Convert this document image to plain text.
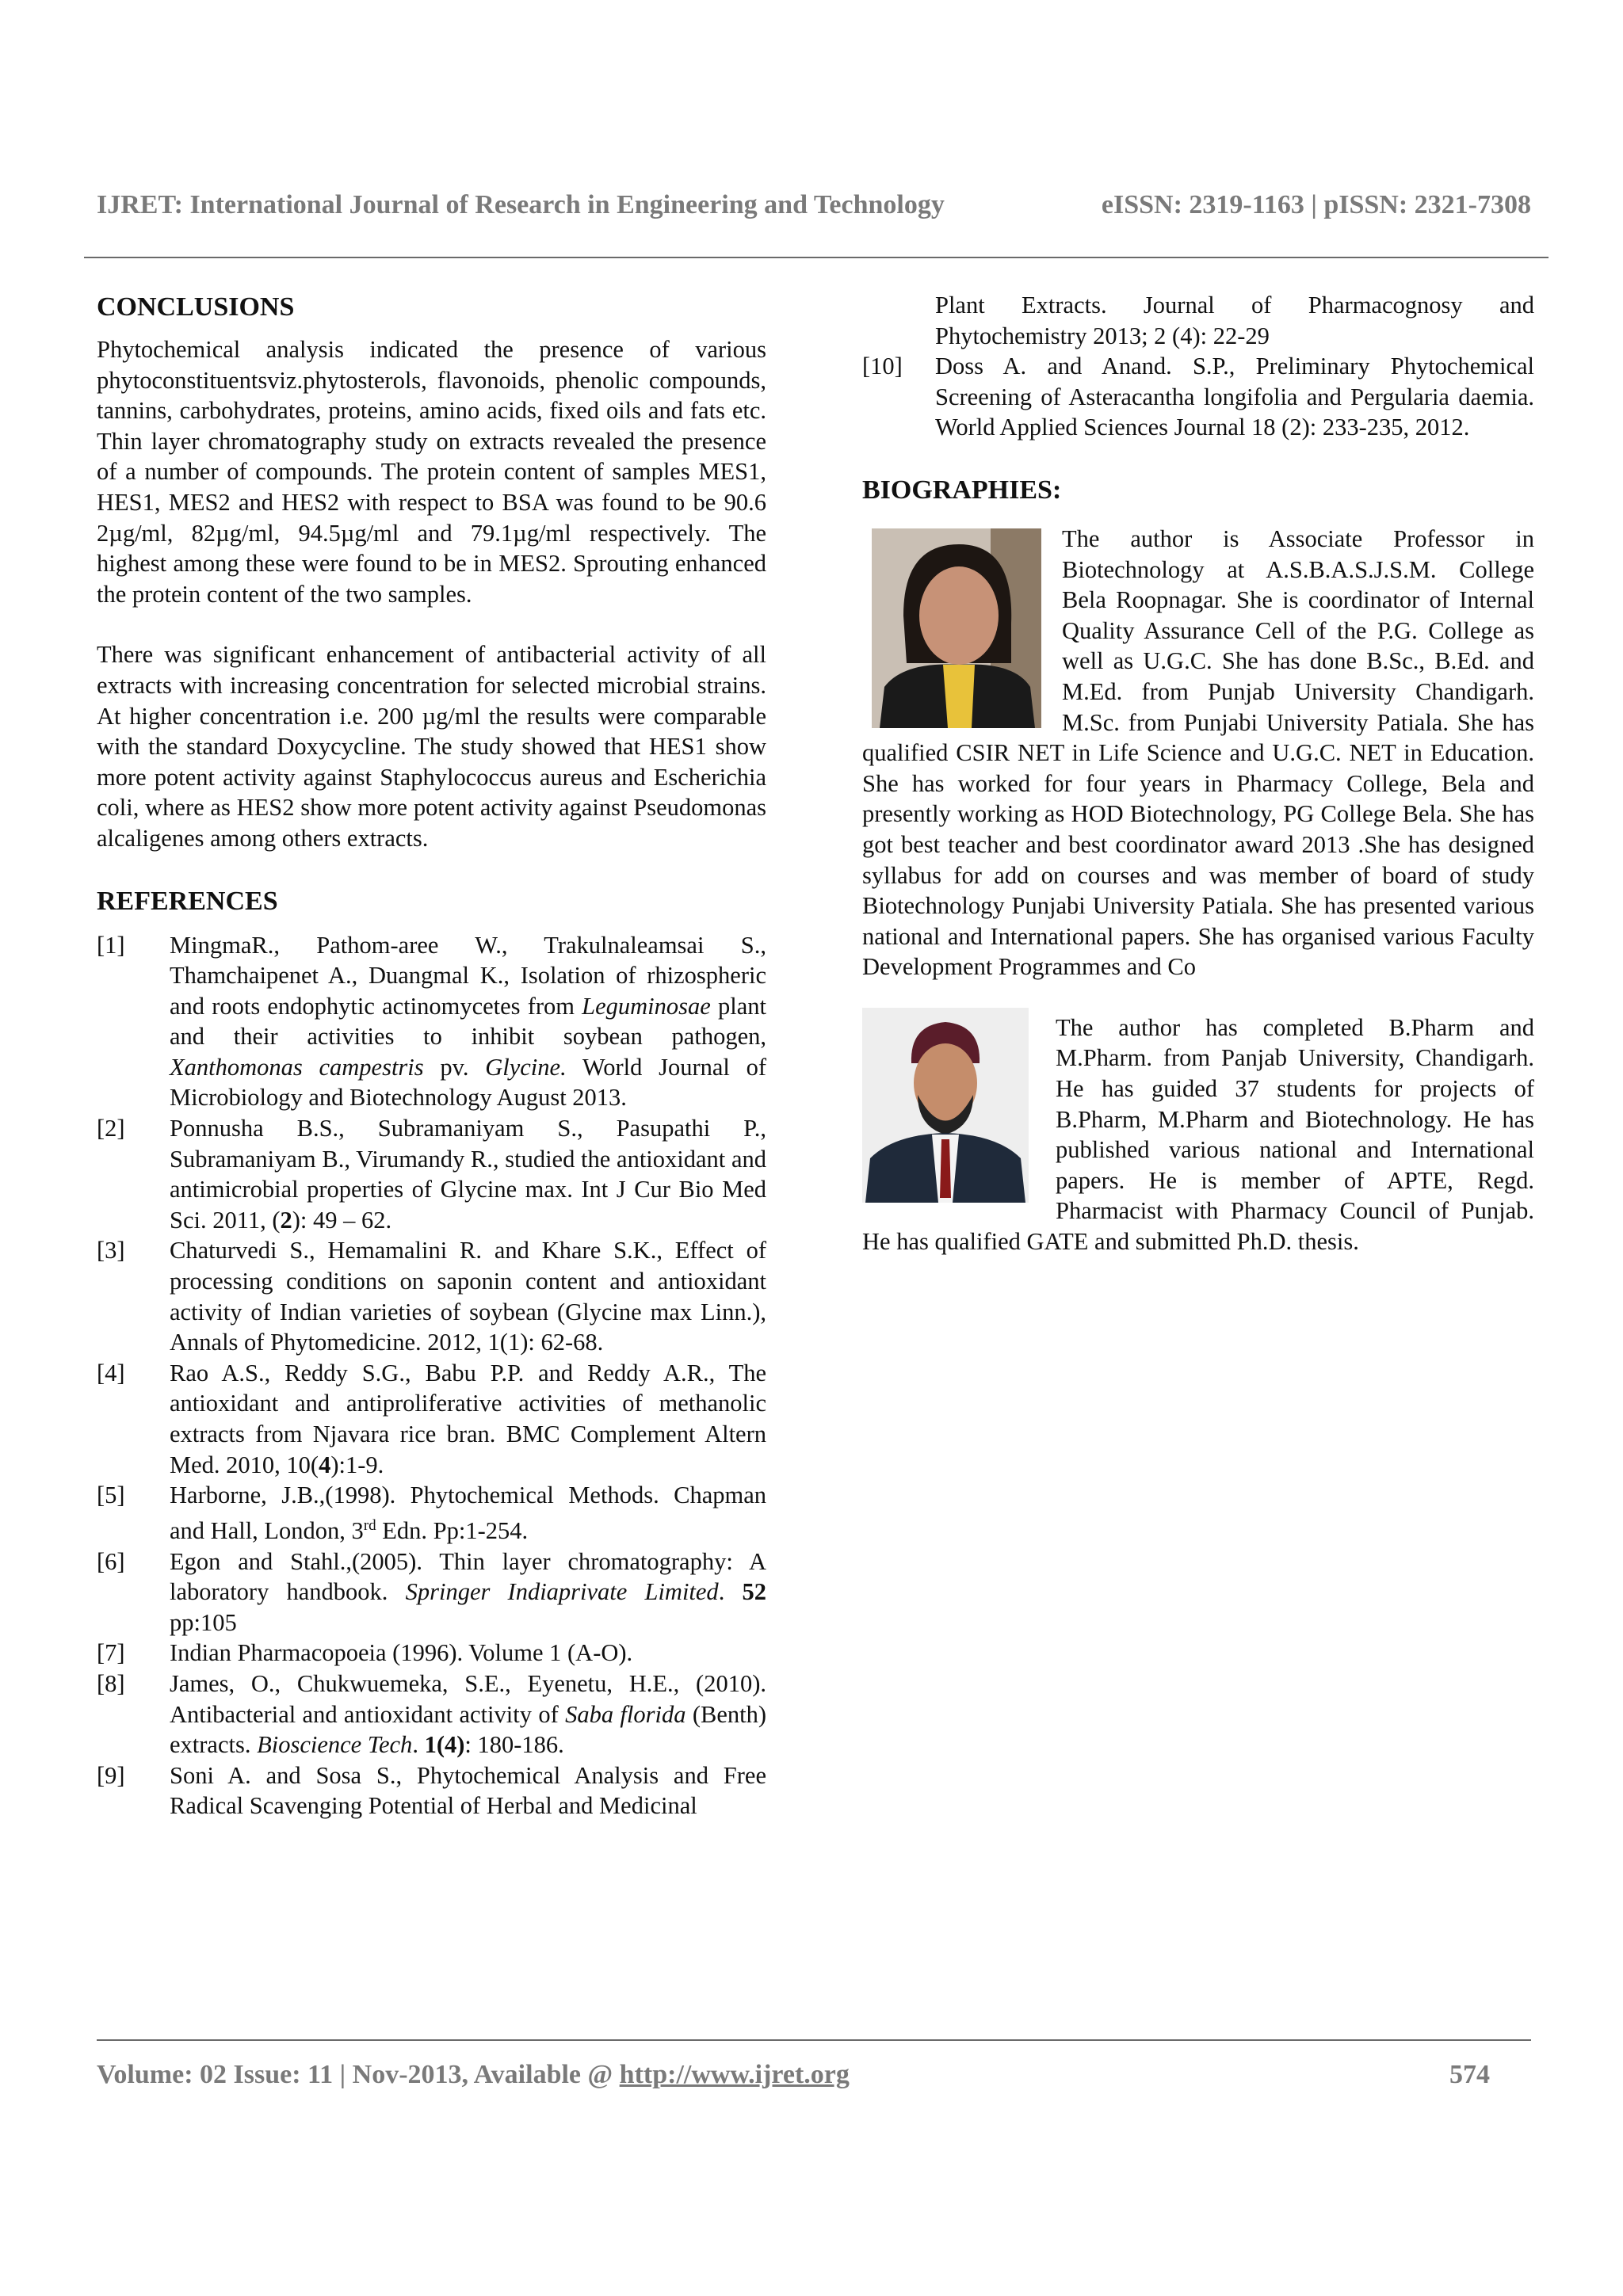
IJRET: International Journal of Research in Engineering and Technology	eISSN: 2319-1163 | pISSN: 2321-7308
CONCLUSIONS

Phytochemical analysis indicated the presence of various phytoconstituentsviz.phytosterols, flavonoids, phenolic compounds, tannins, carbohydrates, proteins, amino acids, fixed oils and fats etc. Thin layer chromatography study on extracts revealed the presence of a number of compounds. The protein content of samples MES1, HES1, MES2 and HES2 with respect to BSA was found to be 90.6 2µg/ml, 82µg/ml, 94.5µg/ml and 79.1µg/ml respectively. The highest among these were found to be in MES2. Sprouting enhanced the protein content of the two samples.

There was significant enhancement of antibacterial activity of all extracts with increasing concentration for selected microbial strains. At higher concentration i.e. 200 µg/ml the results were comparable with the standard Doxycycline. The study showed that HES1 show more potent activity against Staphylococcus aureus and Escherichia coli, where as HES2 show more potent activity against Pseudomonas alcaligenes among others extracts.

REFERENCES
[1]	MingmaR., Pathom-aree W., Trakulnaleamsai S., Thamchaipenet A., Duangmal K., Isolation of rhizospheric and roots endophytic actinomycetes from Leguminosae plant and their activities to inhibit soybean pathogen, Xanthomonas campestris pv. Glycine. World Journal of Microbiology and Biotechnology August 2013.
[2]	Ponnusha B.S., Subramaniyam S., Pasupathi P., Subramaniyam B., Virumandy R., studied the antioxidant and antimicrobial properties of Glycine max. Int J Cur Bio Med Sci. 2011, (2): 49 – 62.
[3]	Chaturvedi S., Hemamalini R. and Khare S.K., Effect of processing conditions on saponin content and antioxidant activity of Indian varieties of soybean (Glycine max Linn.), Annals of Phytomedicine. 2012, 1(1): 62-68.
[4]	Rao A.S., Reddy S.G., Babu P.P. and Reddy A.R., The antioxidant and antiproliferative activities of methanolic extracts from Njavara rice bran. BMC Complement Altern Med. 2010, 10(4):1-9.
[5]	Harborne, J.B.,(1998). Phytochemical Methods. Chapman and Hall, London, 3rd Edn. Pp:1-254.
[6]	Egon and Stahl.,(2005). Thin layer chromatography: A laboratory handbook. Springer Indiaprivate Limited. 52 pp:105
[7]	Indian Pharmacopoeia (1996). Volume 1 (A-O).
[8]	James, O., Chukwuemeka, S.E., Eyenetu, H.E., (2010). Antibacterial and antioxidant activity of Saba florida (Benth) extracts. Bioscience Tech. 1(4): 180-186.
[9]	Soni A. and Sosa S., Phytochemical Analysis and Free Radical Scavenging Potential of Herbal and Medicinal
Plant Extracts. Journal of Pharmacognosy and Phytochemistry 2013; 2 (4): 22-29
[10]	Doss A. and Anand. S.P., Preliminary Phytochemical Screening of Asteracantha longifolia and Pergularia daemia. World Applied Sciences Journal 18 (2): 233-235, 2012.
BIOGRAPHIES:

The author is Associate Professor in Biotechnology at A.S.B.A.S.J.S.M. College Bela Roopnagar. She is coordinator of Internal Quality Assurance Cell of the P.G. College as well as U.G.C. She has done B.Sc., B.Ed. and M.Ed. from Punjab University Chandigarh. M.Sc. from Punjabi University Patiala. She has qualified CSIR NET in Life Science and U.G.C. NET in Education. She has worked for four years in Pharmacy College, Bela and presently working as HOD Biotechnology, PG College Bela. She has got best teacher and best coordinator award 2013 .She has designed syllabus for add on courses and was member of board of study Biotechnology Punjabi University Patiala. She has presented various national and International papers. She has organised various Faculty Development Programmes and Co

The author has completed B.Pharm and M.Pharm. from Panjab University, Chandigarh. He has guided 37 students for projects of B.Pharm, M.Pharm and Biotechnology. He has published various national and International papers. He is member of APTE, Regd. Pharmacist with Pharmacy Council of Punjab. He has qualified GATE and submitted Ph.D. thesis.

Volume: 02 Issue: 11 | Nov-2013, Available @ http://www.ijret.org	574
